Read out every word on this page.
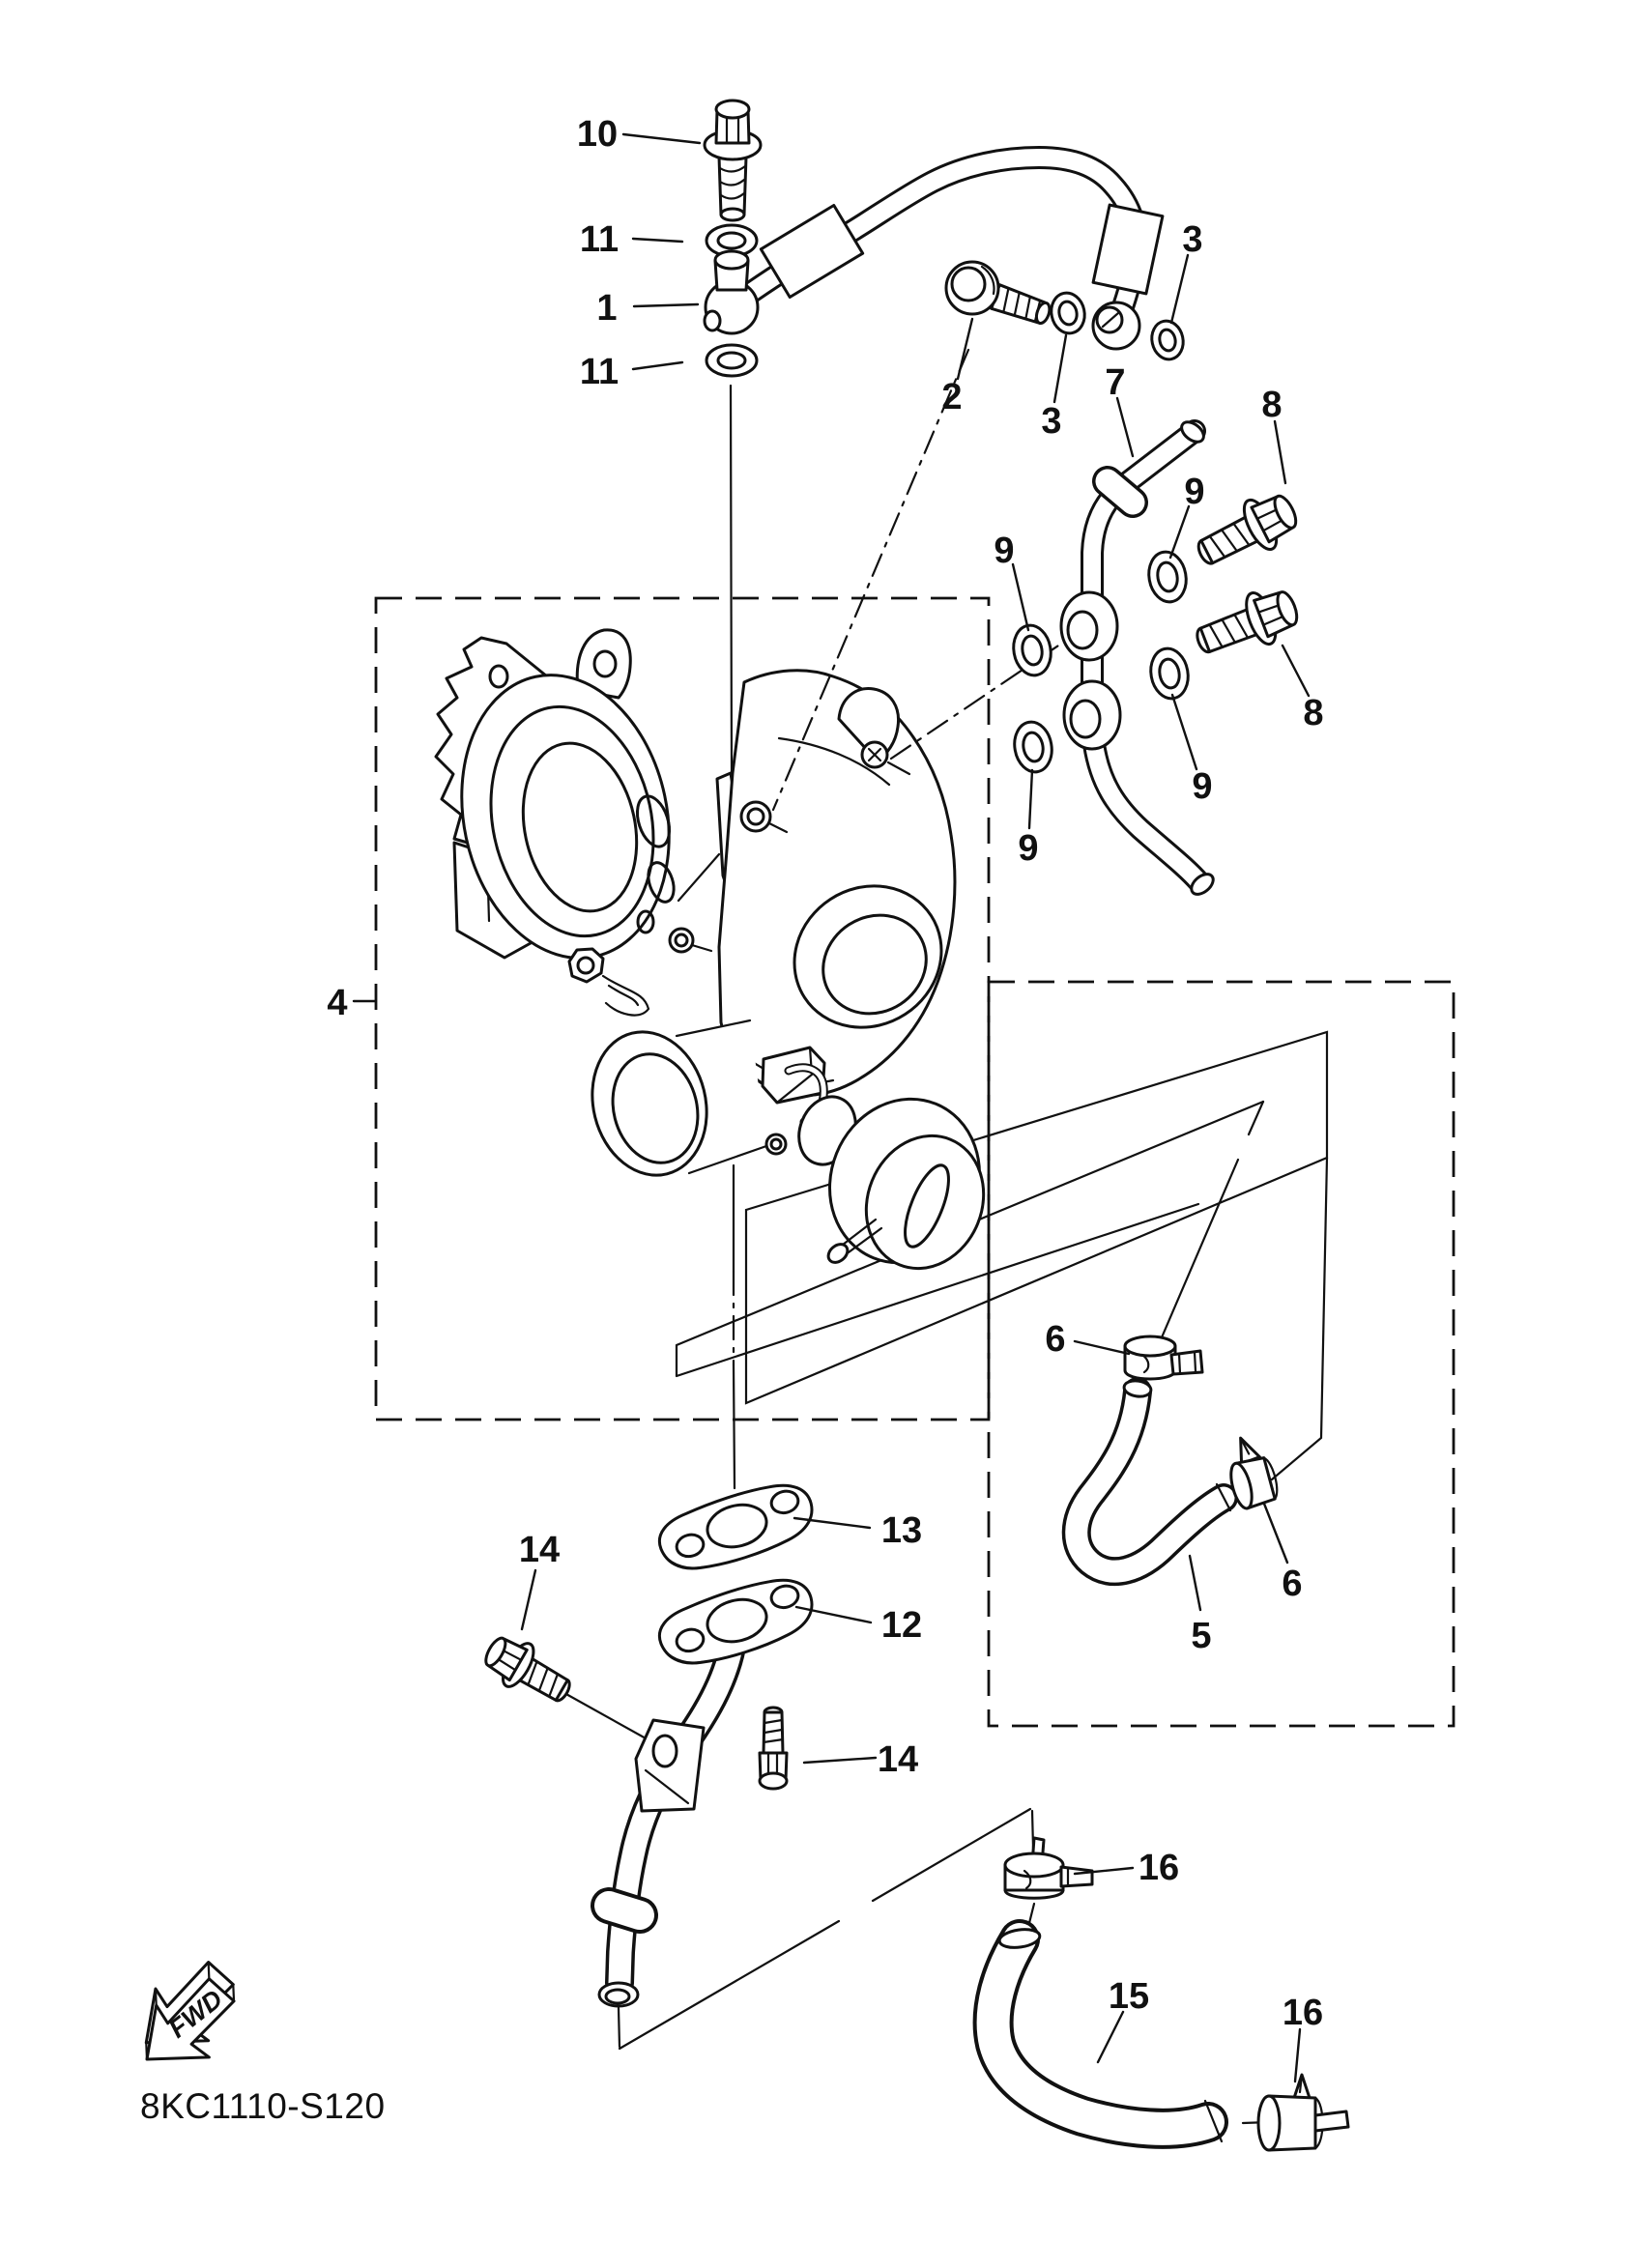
10
11
1
11
2
3
3
7
8
8
9
9
9
9
4
13
12
14
14
6
6
5
16
15	16
FWD
8KC1110-S120
